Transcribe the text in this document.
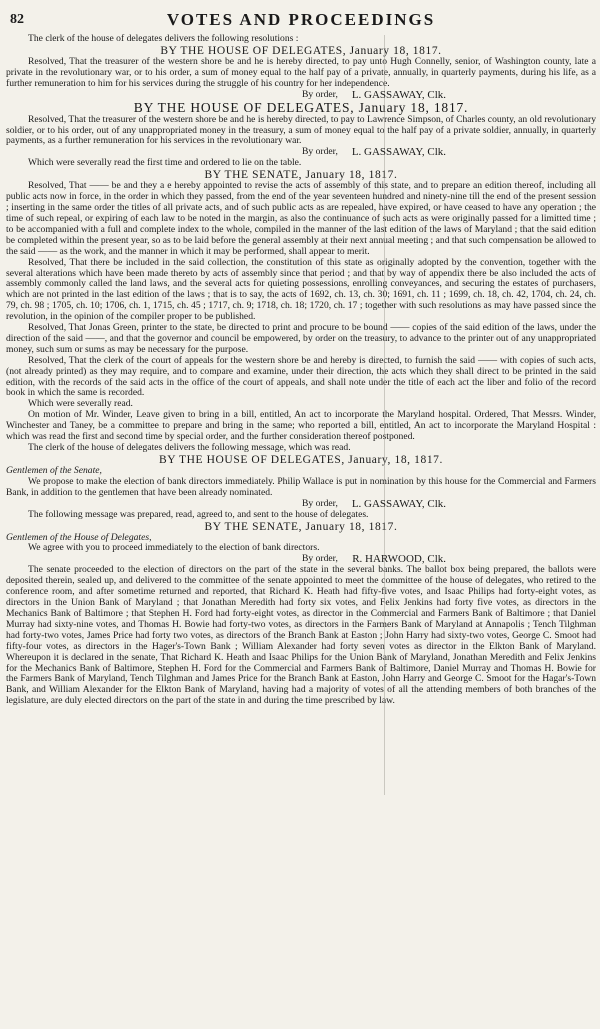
82	VOTES AND PROCEEDINGS

The clerk of the house of delegates delivers the following resolutions :

BY THE HOUSE OF DELEGATES, January 18, 1817.

Resolved, That the treasurer of the western shore be and he is hereby directed, to pay unto Hugh Connelly, senior, of Washington county, late a private in the revolutionary war, or to his order, a sum of money equal to the half pay of a private, annually, in quarterly payments, during his life, as a further remuneration to him for his services during the struggle of his country for her independence.

By order, L. GASSAWAY, Clk.

BY THE HOUSE OF DELEGATES, January 18, 1817.

Resolved, That the treasurer of the western shore be and he is hereby directed, to pay to Lawrence Simpson, of Charles county, an old revolutionary soldier, or to his order, out of any unappropriated money in the treasury, a sum of money equal to the half pay of a private soldier, annually, in quarterly payments, as a further remuneration for his services in the revolutionary war.

By order, L. GASSAWAY, Clk.

Which were severally read the first time and ordered to lie on the table.

BY THE SENATE, January 18, 1817.

Resolved, That —— be and they a e hereby appointed to revise the acts of assembly of this state, and to prepare an edition thereof, including all public acts now in force, in the order in which they passed, from the end of the year seventeen hundred and ninety-nine till the end of the present session ; inserting in the same order the titles of all private acts, and of such public acts as are repealed, have expired, or have ceased to have any operation ; the time of such repeal, or expiring of each law to be noted in the margin, as also the continuance of such acts as were originally passed for a limitted time ; to be accompanied with a full and complete index to the whole, compiled in the manner of the last edition of the laws of Maryland ; that the said edition be completed within the present year, so as to be laid before the general assembly at their next annual meeting ; and that such compensation be allowed to the said —— as the work, and the manner in which it may be performed, shall appear to merit.

Resolved, That there be included in the said collection, the constitution of this state as originally adopted by the convention, together with the several alterations which have been made thereto by acts of assembly since that period ; and that by way of appendix there be also included the acts of assembly commonly called the land laws, and the several acts for quieting possessions, enrolling conveyances, and securing the estates of purchasers, which are not printed in the last edition of the laws ; that is to say, the acts of 1692, ch. 13, ch. 30; 1691, ch. 11 ; 1699, ch. 18, ch. 42, 1704, ch. 24, ch. 79, ch. 98 ; 1705, ch. 10; 1706, ch. 1, 1715, ch. 45 ; 1717, ch. 9; 1718, ch. 18; 1720, ch. 17 ; together with such resolutions as may have passed since the revolution, in the opinion of the compiler proper to be published.

Resolved, That Jonas Green, printer to the state, be directed to print and procure to be bound —— copies of the said edition of the laws, under the direction of the said ——, and that the governor and council be empowered, by order on the treasury, to advance to the printer out of any unappropriated money, such sum or sums as may be necessary for the purpose.

Resolved, That the clerk of the court of appeals for the western shore be and hereby is directed, to furnish the said —— with copies of such acts, (not already printed) as they may require, and to compare and examine, under their direction, the acts which they shall direct to be printed in the said edition, with the records of the said acts in the office of the court of appeals, and shall note under the title of each act the liber and folio of the record book in which the same is recorded.

Which were severally read.

On motion of Mr. Winder, Leave given to bring in a bill, entitled, An act to incorporate the Maryland hospital. Ordered, That Messrs. Winder, Winchester and Taney, be a committee to prepare and bring in the same; who reported a bill, entitled, An act to incorporate the Maryland Hospital : which was read the first and second time by special order, and the further consideration thereof postponed.

The clerk of the house of delegates delivers the following message, which was read.

BY THE HOUSE OF DELEGATES, January, 18, 1817.

Gentlemen of the Senate,

We propose to make the election of bank directors immediately. Philip Wallace is put in nomination by this house for the Commercial and Farmers Bank, in addition to the gentlemen that have been already nominated.

By order, L. GASSAWAY, Clk.

The following message was prepared, read, agreed to, and sent to the house of delegates.

BY THE SENATE, January 18, 1817.

Gentlemen of the House of Delegates,

We agree with you to proceed immediately to the election of bank directors.

By order, R. HARWOOD, Clk.

The senate proceeded to the election of directors on the part of the state in the several banks. The ballot box being prepared, the ballots were deposited therein, sealed up, and delivered to the committee of the senate appointed to meet the committee of the house of delegates, who retired to the conference room, and after sometime returned and reported, that Richard K. Heath had fifty-five votes, and Isaac Philips had forty-eight votes, as directors in the Union Bank of Maryland ; that Jonathan Meredith had forty six votes, and Felix Jenkins had forty five votes, as directors in the Mechanics Bank of Baltimore ; that Stephen H. Ford had forty-eight votes, as director in the Commercial and Farmers Bank of Baltimore ; that Daniel Murray had sixty-nine votes, and Thomas H. Bowie had forty-two votes, as directors in the Farmers Bank of Maryland at Annapolis ; Tench Tilghman had forty-two votes, James Price had forty two votes, as directors of the Branch Bank at Easton ; John Harry had sixty-two votes, George C. Smoot had fifty-four votes, as directors in the Hager's-Town Bank ; William Alexander had forty seven votes as director in the Elkton Bank of Maryland. Whereupon it is declared in the senate, That Richard K. Heath and Isaac Philips for the Union Bank of Maryland, Jonathan Meredith and Felix Jenkins for the Mechanics Bank of Baltimore, Stephen H. Ford for the Commercial and Farmers Bank of Baltimore, Daniel Murray and Thomas H. Bowie for the Farmers Bank of Maryland, Tench Tilghman and James Price for the Branch Bank at Easton, John Harry and George C. Smoot for the Hagar's-Town Bank, and William Alexander for the Elkton Bank of Maryland, having had a majority of votes of all the attending members of both branches of the legislature, are duly elected directors on the part of the state in and during the time prescribed by law.
